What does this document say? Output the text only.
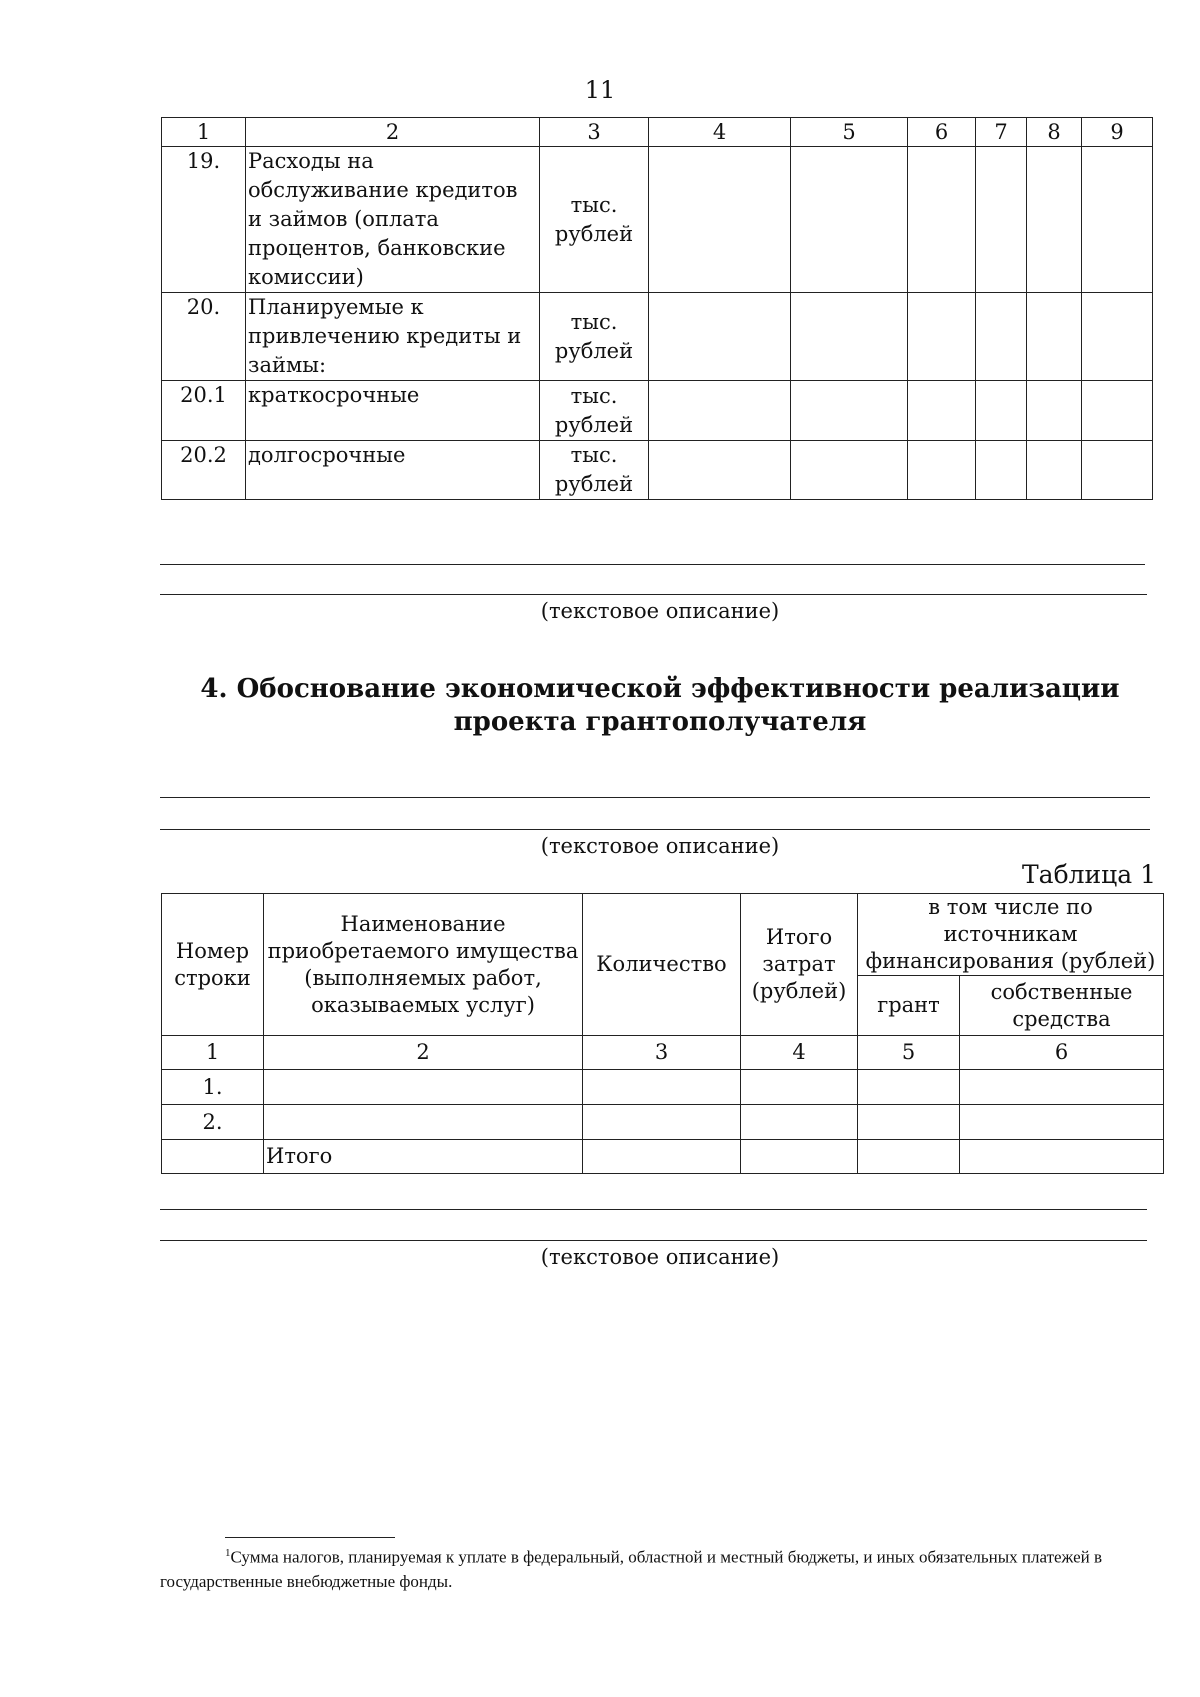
11
1	2	3	4	5	6	7	8	9
19.	Расходы на обслуживание кредитов и займов (оплата процентов, банковские комиссии)	тыс. рублей						
20.	Планируемые к привлечению кредиты и займы:	тыс. рублей						
20.1	краткосрочные	тыс. рублей						
20.2	долгосрочные	тыс. рублей						
(текстовое описание)
4. Обоснование экономической эффективности реализации проекта грантополучателя
(текстовое описание)
Таблица 1
Номер строки	Наименование приобретаемого имущества (выполняемых работ, оказываемых услуг)	Количество	Итого затрат (рублей)	в том числе по источникам финансирования (рублей)	
				грант	собственные средства
1	2	3	4	5	6
1.					
2.					
	Итого				
(текстовое описание)
$^1$Сумма налогов, планируемая к уплате в федеральный, областной и местный бюджеты, и иных обязательных платежей в государственные внебюджетные фонды.
